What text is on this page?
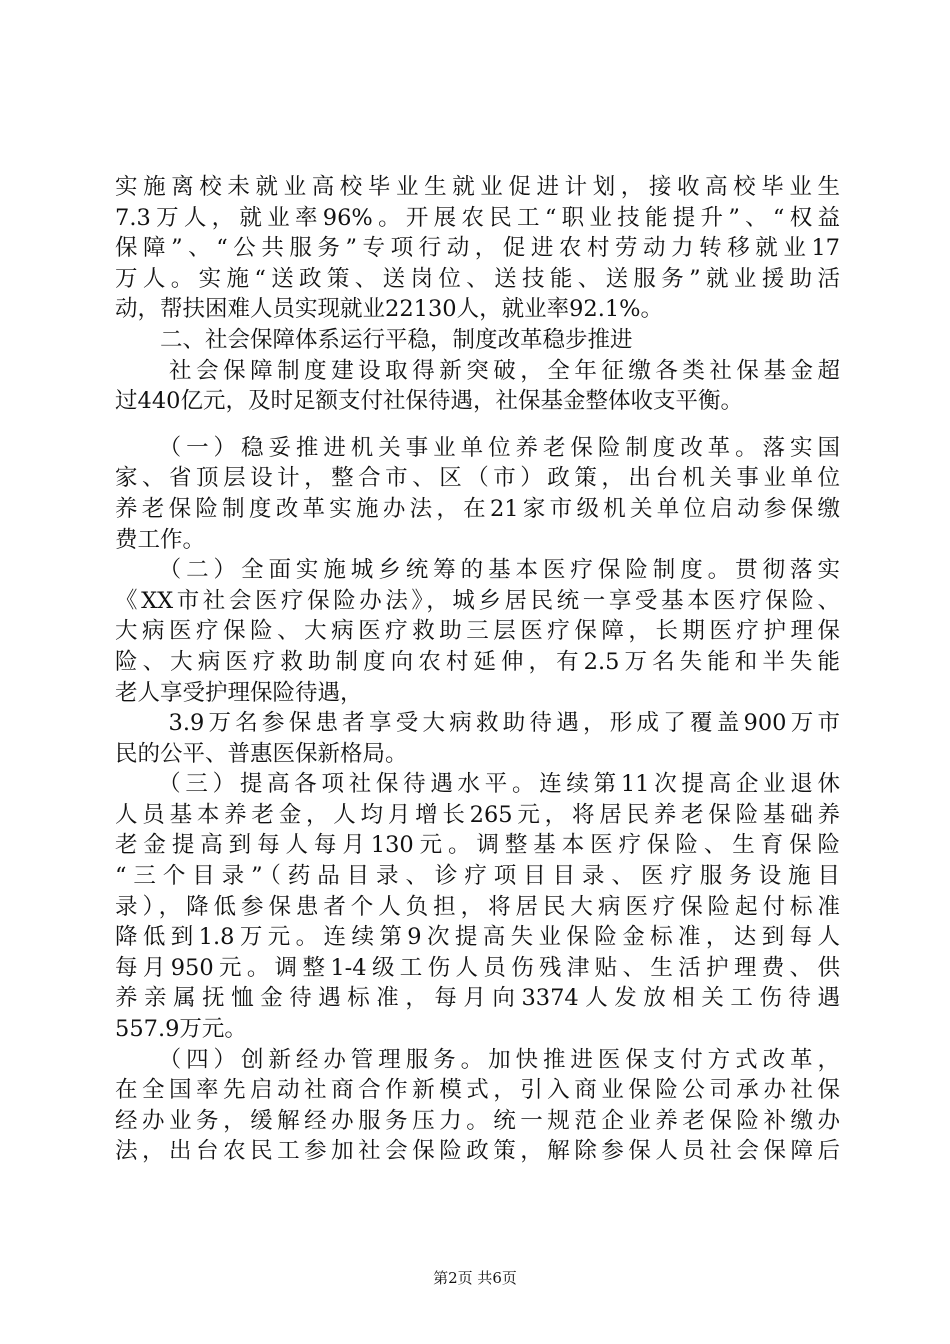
实施离校未就业高校毕业生就业促进计划，接收高校毕业生
7.3万人，就业率96%。开展农民工“职业技能提升”、“权益
保障”、“公共服务”专项行动，促进农村劳动力转移就业17
万人。实施“送政策、送岗位、送技能、送服务”就业援助活
动，帮扶困难人员实现就业22130人，就业率92.1%。
　　二、社会保障体系运行平稳，制度改革稳步推进
　　社会保障制度建设取得新突破，全年征缴各类社保基金超
过440亿元，及时足额支付社保待遇，社保基金整体收支平衡。
　　（一）稳妥推进机关事业单位养老保险制度改革。落实国
家、省顶层设计，整合市、区（市）政策，出台机关事业单位
养老保险制度改革实施办法，在21家市级机关单位启动参保缴
费工作。
　　（二）全面实施城乡统筹的基本医疗保险制度。贯彻落实
《XX市社会医疗保险办法》，城乡居民统一享受基本医疗保险、
大病医疗保险、大病医疗救助三层医疗保障，长期医疗护理保
险、大病医疗救助制度向农村延伸，有2.5万名失能和半失能
老人享受护理保险待遇，
　　3.9万名参保患者享受大病救助待遇，形成了覆盖900万市
民的公平、普惠医保新格局。
　　（三）提高各项社保待遇水平。连续第11次提高企业退休
人员基本养老金，人均月增长265元，将居民养老保险基础养
老金提高到每人每月130元。调整基本医疗保险、生育保险
“三个目录”（药品目录、诊疗项目目录、医疗服务设施目
录），降低参保患者个人负担，将居民大病医疗保险起付标准
降低到1.8万元。连续第9次提高失业保险金标准，达到每人
每月950元。调整1-4级工伤人员伤残津贴、生活护理费、供
养亲属抚恤金待遇标准，每月向3374人发放相关工伤待遇
557.9万元。
　　（四）创新经办管理服务。加快推进医保支付方式改革，
在全国率先启动社商合作新模式，引入商业保险公司承办社保
经办业务，缓解经办服务压力。统一规范企业养老保险补缴办
法，出台农民工参加社会保险政策，解除参保人员社会保障后
第2页 共6页
